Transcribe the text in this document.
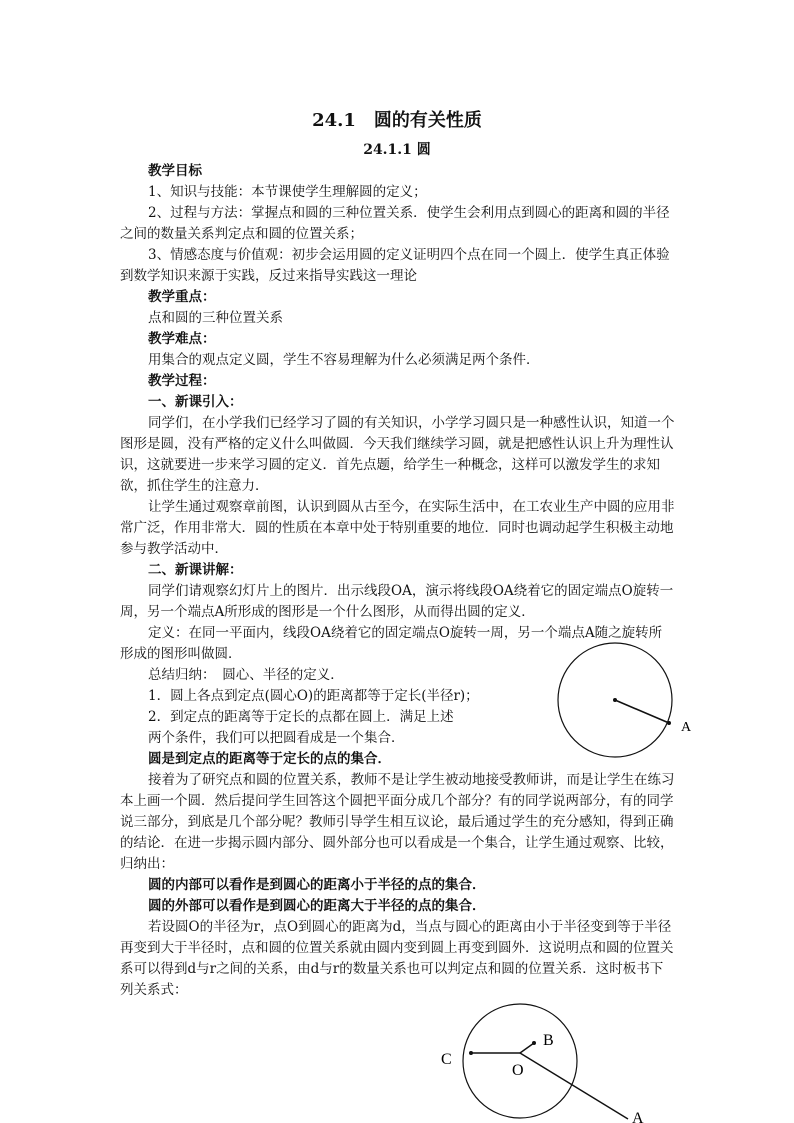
24.1　圆的有关性质
24.1.1 圆

教学目标

1、知识与技能：本节课使学生理解圆的定义；

2、过程与方法：掌握点和圆的三种位置关系．使学生会利用点到圆心的距离和圆的半径之间的数量关系判定点和圆的位置关系；

3、情感态度与价值观：初步会运用圆的定义证明四个点在同一个圆上．使学生真正体验到数学知识来源于实践，反过来指导实践这一理论

教学重点：

点和圆的三种位置关系

教学难点：

用集合的观点定义圆，学生不容易理解为什么必须满足两个条件．

教学过程：

一、新课引入：

同学们，在小学我们已经学习了圆的有关知识，小学学习圆只是一种感性认识，知道一个图形是圆，没有严格的定义什么叫做圆．今天我们继续学习圆，就是把感性认识上升为理性认识，这就要进一步来学习圆的定义．首先点题，给学生一种概念，这样可以激发学生的求知欲，抓住学生的注意力．

让学生通过观察章前图，认识到圆从古至今，在实际生活中，在工农业生产中圆的应用非常广泛，作用非常大．圆的性质在本章中处于特别重要的地位．同时也调动起学生积极主动地参与教学活动中．

二、新课讲解：

同学们请观察幻灯片上的图片．出示线段OA，演示将线段OA绕着它的固定端点O旋转一周，另一个端点A所形成的图形是一个什么图形，从而得出圆的定义．

定义：在同一平面内，线段OA绕着它的固定端点O旋转一周，另一个端点A随之旋转所形成的图形叫做圆．

总结归纳：　圆心、半径的定义．

1．圆上各点到定点(圆心O)的距离都等于定长(半径r)；

2．到定点的距离等于定长的点都在圆上．满足上述

两个条件，我们可以把圆看成是一个集合．

圆是到定点的距离等于定长的点的集合．

接着为了研究点和圆的位置关系，教师不是让学生被动地接受教师讲，而是让学生在练习本上画一个圆．然后提问学生回答这个圆把平面分成几个部分？有的同学说两部分，有的同学说三部分，到底是几个部分呢？教师引导学生相互议论，最后通过学生的充分感知，得到正确的结论．在进一步揭示圆内部分、圆外部分也可以看成是一个集合，让学生通过观察、比较，归纳出：

圆的内部可以看作是到圆心的距离小于半径的点的集合．

圆的外部可以看作是到圆心的距离大于半径的点的集合．

若设圆O的半径为r，点O到圆心的距离为d，当点与圆心的距离由小于半径变到等于半径再变到大于半径时，点和圆的位置关系就由圆内变到圆上再变到圆外．这说明点和圆的位置关系可以得到d与r之间的关系，由d与r的数量关系也可以判定点和圆的位置关系．这时板书下列关系式：

A
C
B
O
A
